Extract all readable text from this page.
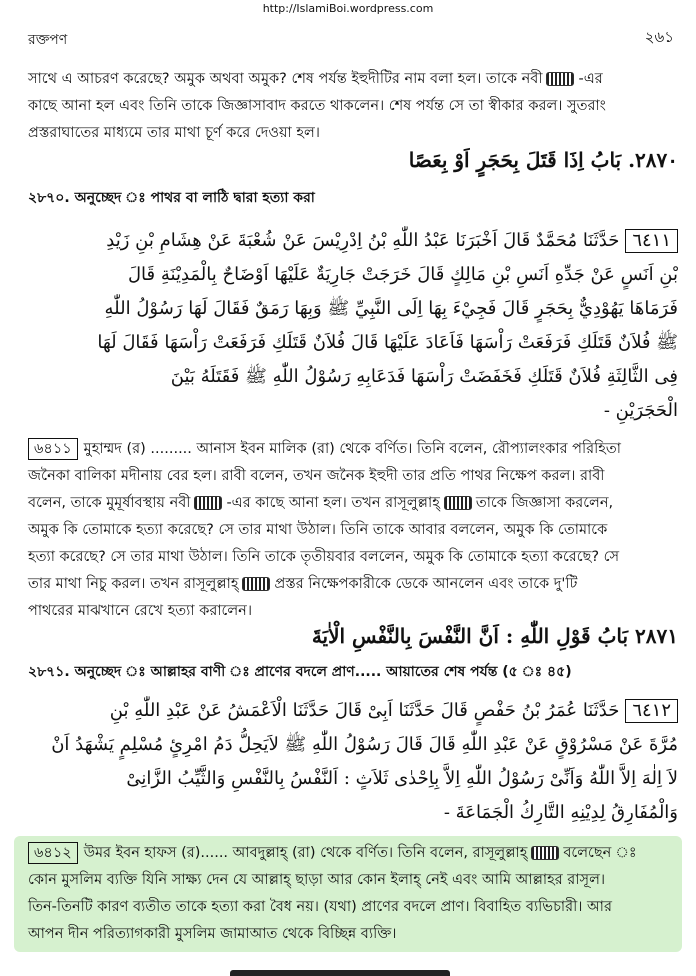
http://IslamiBoi.wordpress.com
রক্তপণ	২৬১
সাথে এ আচরণ করেছে? অমুক অথবা অমুক? শেষ পর্যন্ত ইহুদীটির নাম বলা হল। তাকে নবী -এর
কাছে আনা হল এবং তিনি তাকে জিজ্ঞাসাবাদ করতে থাকলেন। শেষ পর্যন্ত সে তা স্বীকার করল। সুতরাং
প্রস্তরাঘাতের মাধ্যমে তার মাথা চূর্ণ করে দেওয়া হল।
٢٨٧٠. بَابُ اِذَا قَتَلَ بِحَجَرٍ اَوْ بِعَصًا
২৮৭০. অনুচ্ছেদ ঃ পাথর বা লাঠি দ্বারা হত্যা করা
٦٤١١حَدَّثَنَا مُحَمَّدٌ قَالَ اَخْبَرَنَا عَبْدُ اللّٰهِ بْنُ اِدْرِيْسَ عَنْ شُعْبَةَ عَنْ هِشَامِ بْنِ زَيْدِ
بْنِ اَنَسٍ عَنْ جَدِّهِ اَنَسِ بْنِ مَالِكٍ قَالَ خَرَجَتْ جَارِيَةٌ عَلَيْهَا اَوْضَاحٌ بِالْمَدِيْنَةِ قَالَ
فَرَمَاهَا يَهُوْدِيٌّ بِحَجَرٍ قَالَ فَجِيْءَ بِهَا اِلَى النَّبِيِّ ﷺ وَبِهَا رَمَقٌ فَقَالَ لَهَا رَسُوْلُ اللّٰهِ
ﷺ فُلاَنٌ قَتَلَكِ فَرَفَعَتْ رَاْسَهَا فَاَعَادَ عَلَيْهَا قَالَ فُلاَنٌ قَتَلَكِ فَرَفَعَتْ رَاْسَهَا فَقَالَ لَهَا
فِى الثَّالِثَةِ فُلاَنٌ قَتَلَكِ فَخَفَضَتْ رَاْسَهَا فَدَعَابِهِ رَسُوْلُ اللّٰهِ ﷺ فَقَتَلَهُ بَيْنَ
الْحَجَرَيْنِ -
৬৪১১ মুহাম্মদ (র) ......... আনাস ইবন মালিক (রা) থেকে বর্ণিত। তিনি বলেন, রৌপ্যালংকার পরিহিতা
জনৈকা বালিকা মদীনায় বের হল। রাবী বলেন, তখন জনৈক ইহুদী তার প্রতি পাথর নিক্ষেপ করল। রাবী
বলেন, তাকে মুমূর্ষাবস্থায় নবী -এর কাছে আনা হল। তখন রাসূলুল্লাহ্ তাকে জিজ্ঞাসা করলেন,
অমুক কি তোমাকে হত্যা করেছে? সে তার মাথা উঠাল। তিনি তাকে আবার বললেন, অমুক কি তোমাকে
হত্যা করেছে? সে তার মাথা উঠাল। তিনি তাকে তৃতীয়বার বললেন, অমুক কি তোমাকে হত্যা করেছে? সে
তার মাথা নিচু করল। তখন রাসূলুল্লাহ্ প্রস্তর নিক্ষেপকারীকে ডেকে আনলেন এবং তাকে দু'টি
পাথরের মাঝখানে রেখে হত্যা করালেন।
٢٨٧١ بَابُ قَوْلِ اللّٰهِ : اَنَّ النَّفْسَ بِالنَّفْسِ الْاٰيَةَ
২৮৭১. অনুচ্ছেদ ঃ আল্লাহর বাণী ঃ প্রাণের বদলে প্রাণ..... আয়াতের শেষ পর্যন্ত (৫ ঃ ৪৫)
٦٤١٢حَدَّثَنَا عُمَرُ بْنُ حَفْصٍ قَالَ حَدَّثَنَا اَبِىْ قَالَ حَدَّثَنَا الْاَعْمَشُ عَنْ عَبْدِ اللّٰهِ بْنِ
مُرَّةَ عَنْ مَسْرُوْقٍ عَنْ عَبْدِ اللّٰهِ قَالَ قَالَ رَسُوْلُ اللّٰهِ ﷺ لاَيَحِلُّ دَمُ امْرِئٍ مُسْلِمٍ يَشْهَدُ اَنْ
لاَ اِلٰهَ اِلاَّ اللّٰهُ وَاَنِّىْ رَسُوْلُ اللّٰهِ اِلاَّ بِاِحْدٰى ثَلاَثٍ : اَلنَّفْسُ بِالنَّفْسِ وَالثَّيِّبُ الزَّانِىْ
وَالْمُفَارِقُ لِدِيْنِهِ التَّارِكُ الْجَمَاعَةَ -
৬৪১২ উমর ইবন হাফস (র)...... আবদুল্লাহ্ (রা) থেকে বর্ণিত। তিনি বলেন, রাসূলুল্লাহ্ বলেছেন ঃ
কোন মুসলিম ব্যক্তি যিনি সাক্ষ্য দেন যে আল্লাহ্ ছাড়া আর কোন ইলাহ্ নেই এবং আমি আল্লাহর রাসূল।
তিন-তিনটি কারণ ব্যতীত তাকে হত্যা করা বৈধ নয়। (যথা) প্রাণের বদলে প্রাণ। বিবাহিত ব্যভিচারী। আর
আপন দীন পরিত্যাগকারী মুসলিম জামাআত থেকে বিচ্ছিন্ন ব্যক্তি।
